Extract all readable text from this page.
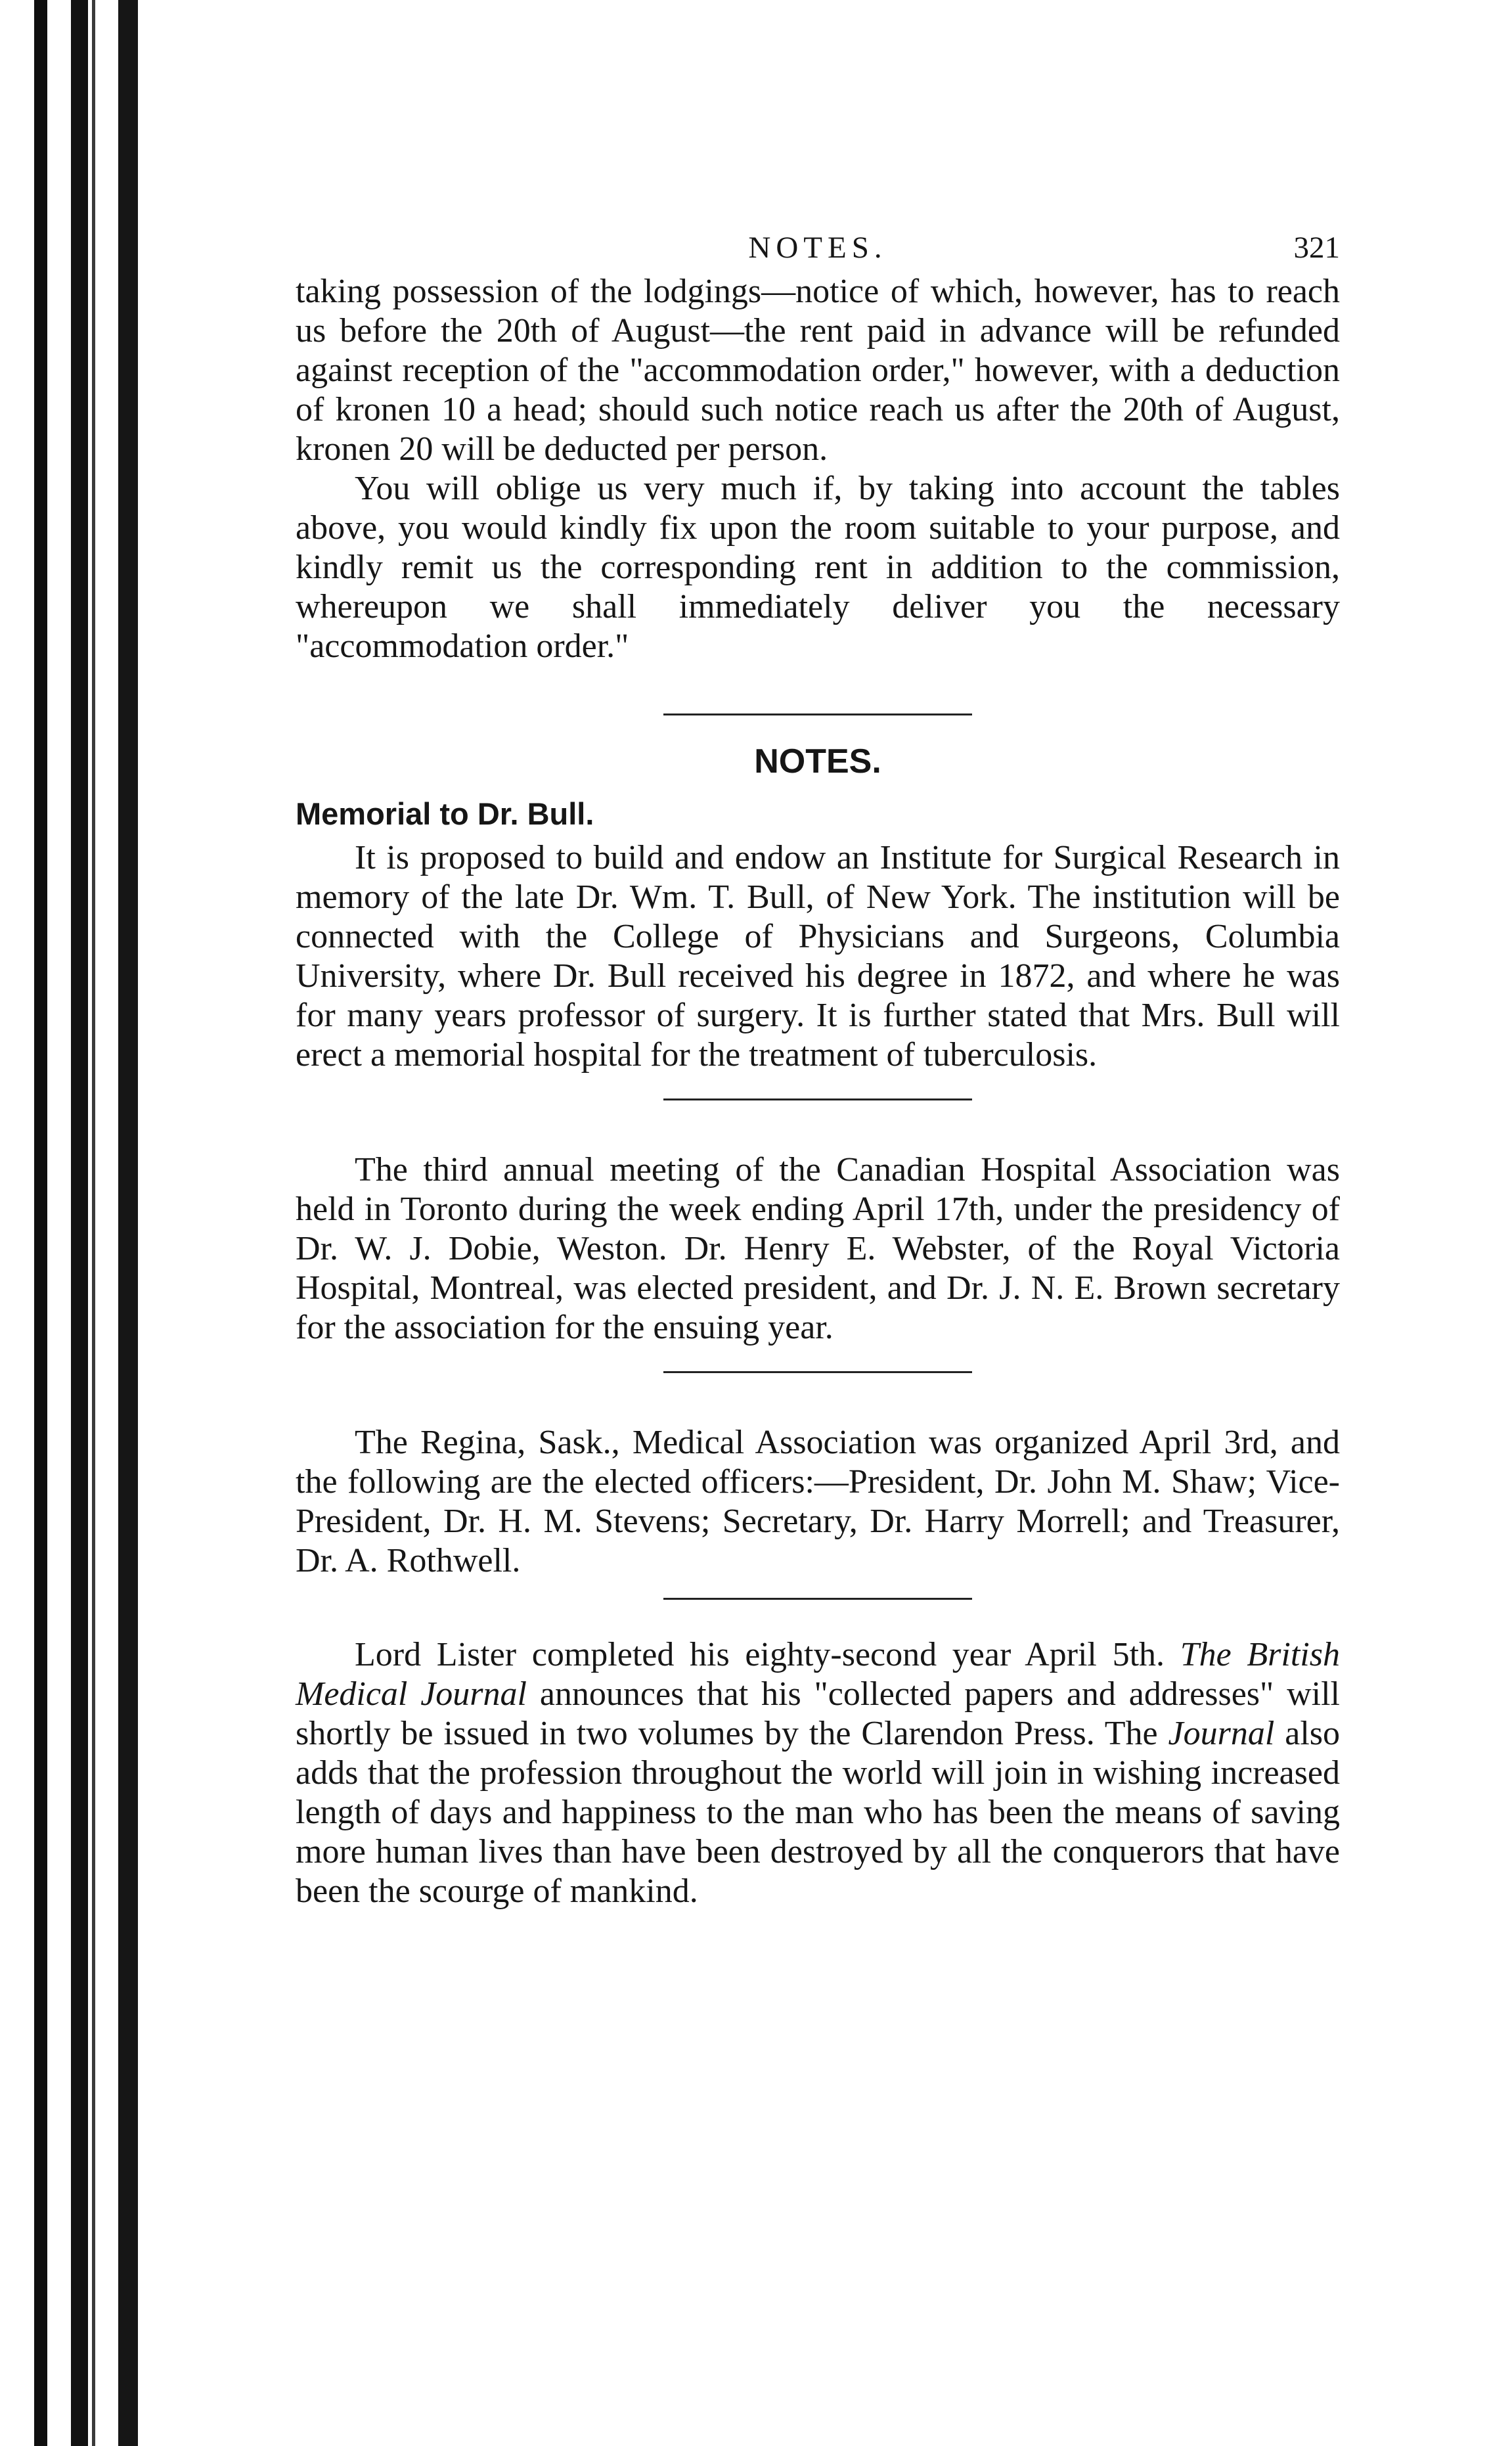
NOTES.	321

taking possession of the lodgings—notice of which, however, has to reach us before the 20th of August—the rent paid in advance will be refunded against reception of the "accommodation order," however, with a deduction of kronen 10 a head; should such notice reach us after the 20th of August, kronen 20 will be deducted per person.

You will oblige us very much if, by taking into account the tables above, you would kindly fix upon the room suitable to your purpose, and kindly remit us the corresponding rent in addition to the commission, whereupon we shall immediately deliver you the necessary "accommodation order."

NOTES.
Memorial to Dr. Bull.

It is proposed to build and endow an Institute for Surgical Research in memory of the late Dr. Wm. T. Bull, of New York. The institution will be connected with the College of Physicians and Surgeons, Columbia University, where Dr. Bull received his degree in 1872, and where he was for many years professor of surgery. It is further stated that Mrs. Bull will erect a memorial hospital for the treatment of tuberculosis.

The third annual meeting of the Canadian Hospital Association was held in Toronto during the week ending April 17th, under the presidency of Dr. W. J. Dobie, Weston. Dr. Henry E. Webster, of the Royal Victoria Hospital, Montreal, was elected president, and Dr. J. N. E. Brown secretary for the association for the ensuing year.

The Regina, Sask., Medical Association was organized April 3rd, and the following are the elected officers:—President, Dr. John M. Shaw; Vice-President, Dr. H. M. Stevens; Secretary, Dr. Harry Morrell; and Treasurer, Dr. A. Rothwell.

Lord Lister completed his eighty-second year April 5th. The British Medical Journal announces that his "collected papers and addresses" will shortly be issued in two volumes by the Clarendon Press. The Journal also adds that the profession throughout the world will join in wishing increased length of days and happiness to the man who has been the means of saving more human lives than have been destroyed by all the conquerors that have been the scourge of mankind.
